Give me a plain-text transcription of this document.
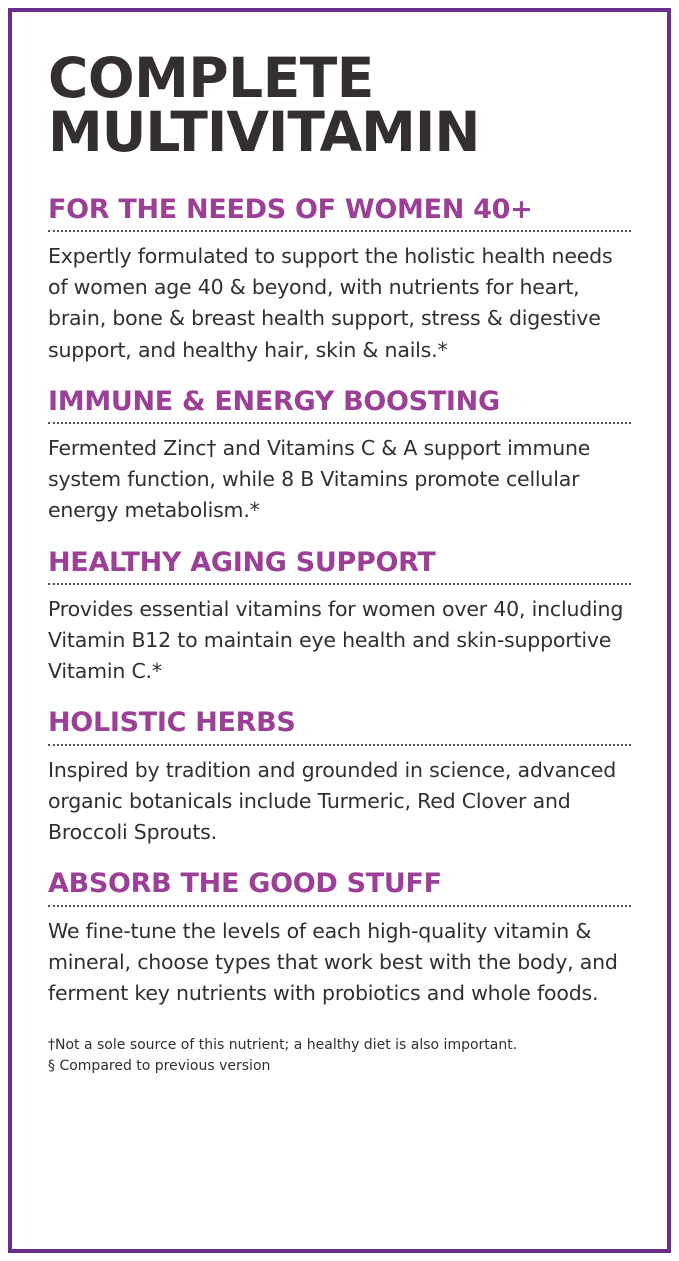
COMPLETE
MULTIVITAMIN
FOR THE NEEDS OF WOMEN 40+

Expertly formulated to support the holistic health needs of women age 40 & beyond, with nutrients for heart, brain, bone & breast health support, stress & digestive support, and healthy hair, skin & nails.*

IMMUNE & ENERGY BOOSTING

Fermented Zinc† and Vitamins C & A support immune system function, while 8 B Vitamins promote cellular energy metabolism.*

HEALTHY AGING SUPPORT

Provides essential vitamins for women over 40, including Vitamin B12 to maintain eye health and skin-supportive Vitamin C.*

HOLISTIC HERBS

Inspired by tradition and grounded in science, advanced organic botanicals include Turmeric, Red Clover and Broccoli Sprouts.

ABSORB THE GOOD STUFF

We fine-tune the levels of each high-quality vitamin & mineral, choose types that work best with the body, and ferment key nutrients with probiotics and whole foods.

†Not a sole source of this nutrient; a healthy diet is also important.

§ Compared to previous version
